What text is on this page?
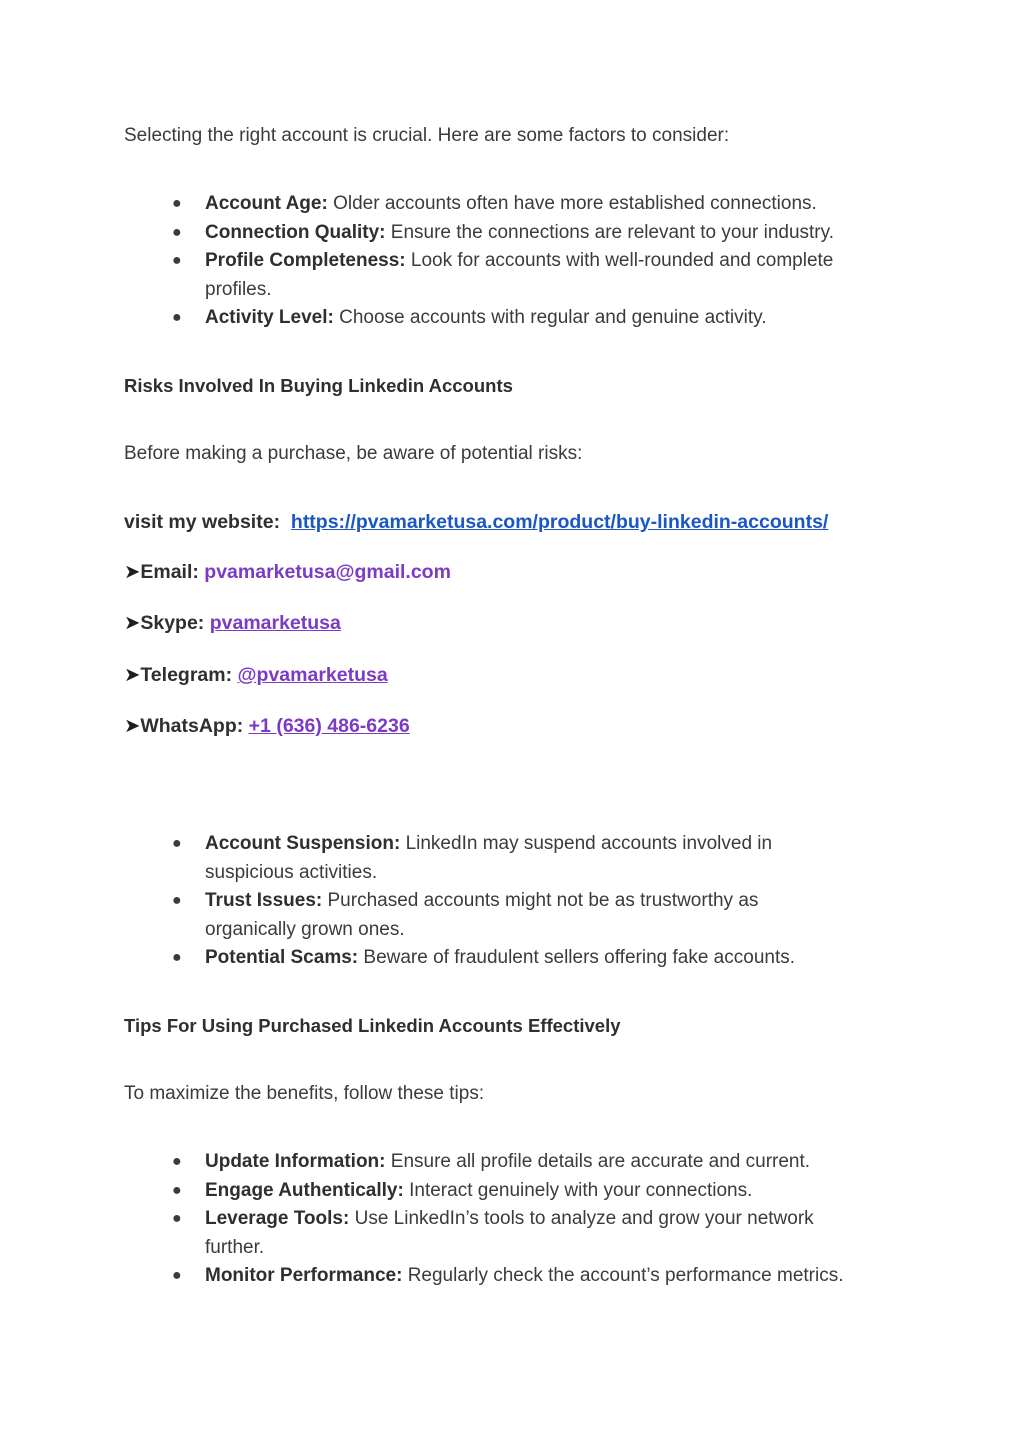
Selecting the right account is crucial. Here are some factors to consider:
● Account Age: Older accounts often have more established connections.
● Connection Quality: Ensure the connections are relevant to your industry.
● Profile Completeness: Look for accounts with well-rounded and complete profiles.
● Activity Level: Choose accounts with regular and genuine activity.
Risks Involved In Buying Linkedin Accounts
Before making a purchase, be aware of potential risks:
visit my website: https://pvamarketusa.com/product/buy-linkedin-accounts/
➤Email: pvamarketusa@gmail.com
➤Skype: pvamarketusa
➤Telegram: @pvamarketusa
➤WhatsApp: +1 (636) 486-6236
● Account Suspension: LinkedIn may suspend accounts involved in suspicious activities.
● Trust Issues: Purchased accounts might not be as trustworthy as organically grown ones.
● Potential Scams: Beware of fraudulent sellers offering fake accounts.
Tips For Using Purchased Linkedin Accounts Effectively
To maximize the benefits, follow these tips:
● Update Information: Ensure all profile details are accurate and current.
● Engage Authentically: Interact genuinely with your connections.
● Leverage Tools: Use LinkedIn’s tools to analyze and grow your network further.
● Monitor Performance: Regularly check the account’s performance metrics.
